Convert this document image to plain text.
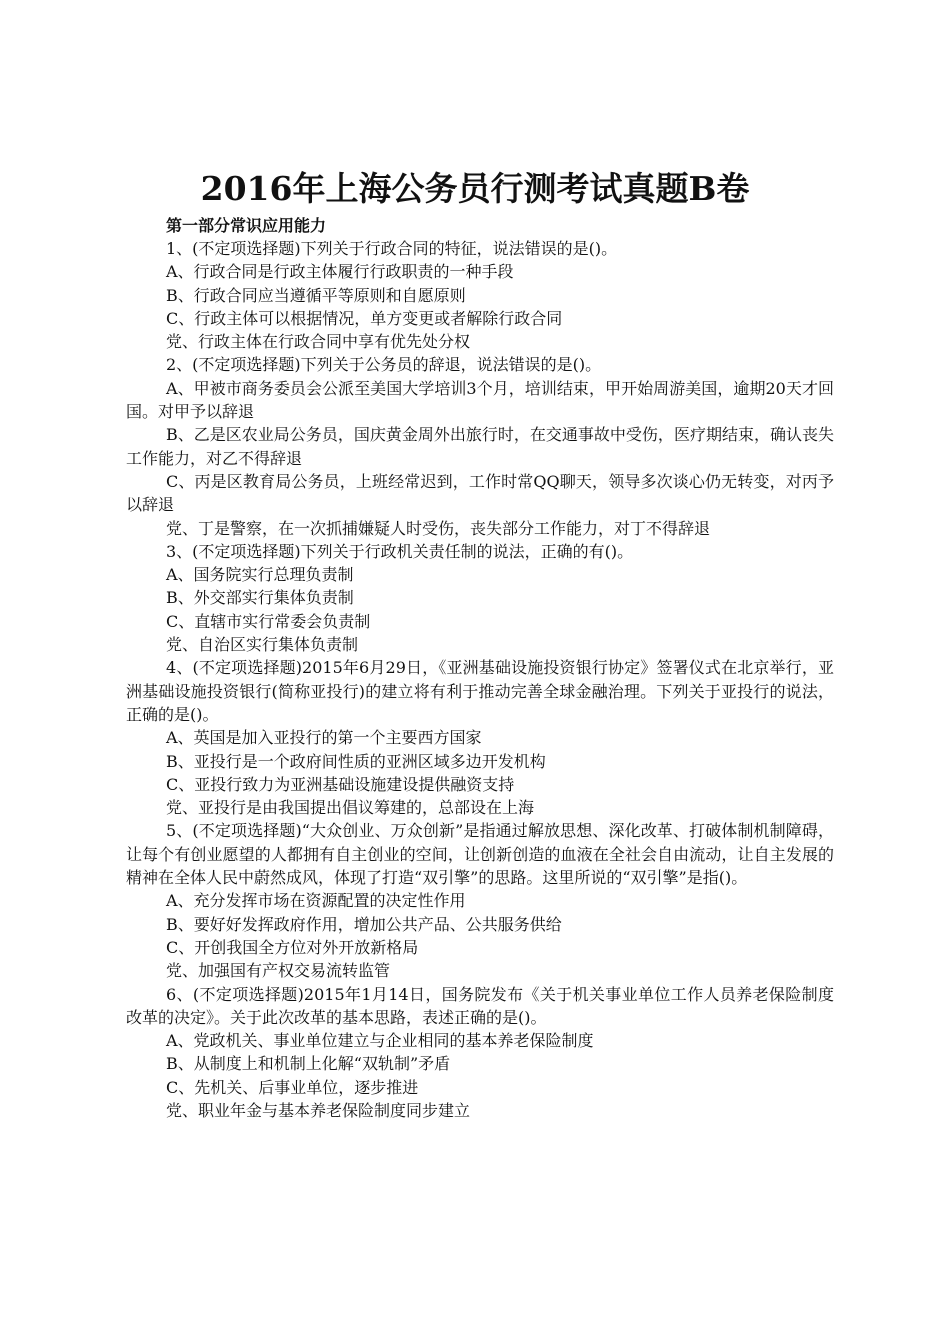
2016年上海公务员行测考试真题B卷

第一部分常识应用能力

1、(不定项选择题)下列关于行政合同的特征，说法错误的是()。

A、行政合同是行政主体履行行政职责的一种手段

B、行政合同应当遵循平等原则和自愿原则

C、行政主体可以根据情况，单方变更或者解除行政合同

党、行政主体在行政合同中享有优先处分权

2、(不定项选择题)下列关于公务员的辞退，说法错误的是()。

A、甲被市商务委员会公派至美国大学培训3个月，培训结束，甲开始周游美国，逾期20天才回国。对甲予以辞退

B、乙是区农业局公务员，国庆黄金周外出旅行时，在交通事故中受伤，医疗期结束，确认丧失工作能力，对乙不得辞退

C、丙是区教育局公务员，上班经常迟到，工作时常QQ聊天，领导多次谈心仍无转变，对丙予以辞退

党、丁是警察，在一次抓捕嫌疑人时受伤，丧失部分工作能力，对丁不得辞退

3、(不定项选择题)下列关于行政机关责任制的说法，正确的有()。

A、国务院实行总理负责制

B、外交部实行集体负责制

C、直辖市实行常委会负责制

党、自治区实行集体负责制

4、(不定项选择题)2015年6月29日，《亚洲基础设施投资银行协定》签署仪式在北京举行，亚洲基础设施投资银行(简称亚投行)的建立将有利于推动完善全球金融治理。下列关于亚投行的说法，正确的是()。

A、英国是加入亚投行的第一个主要西方国家

B、亚投行是一个政府间性质的亚洲区域多边开发机构

C、亚投行致力为亚洲基础设施建设提供融资支持

党、亚投行是由我国提出倡议筹建的，总部设在上海

5、(不定项选择题)“大众创业、万众创新”是指通过解放思想、深化改革、打破体制机制障碍，让每个有创业愿望的人都拥有自主创业的空间，让创新创造的血液在全社会自由流动，让自主发展的精神在全体人民中蔚然成风，体现了打造“双引擎”的思路。这里所说的“双引擎”是指()。

A、充分发挥市场在资源配置的决定性作用

B、要好好发挥政府作用，增加公共产品、公共服务供给

C、开创我国全方位对外开放新格局

党、加强国有产权交易流转监管

6、(不定项选择题)2015年1月14日，国务院发布《关于机关事业单位工作人员养老保险制度改革的决定》。关于此次改革的基本思路，表述正确的是()。

A、党政机关、事业单位建立与企业相同的基本养老保险制度

B、从制度上和机制上化解“双轨制”矛盾

C、先机关、后事业单位，逐步推进

党、职业年金与基本养老保险制度同步建立
